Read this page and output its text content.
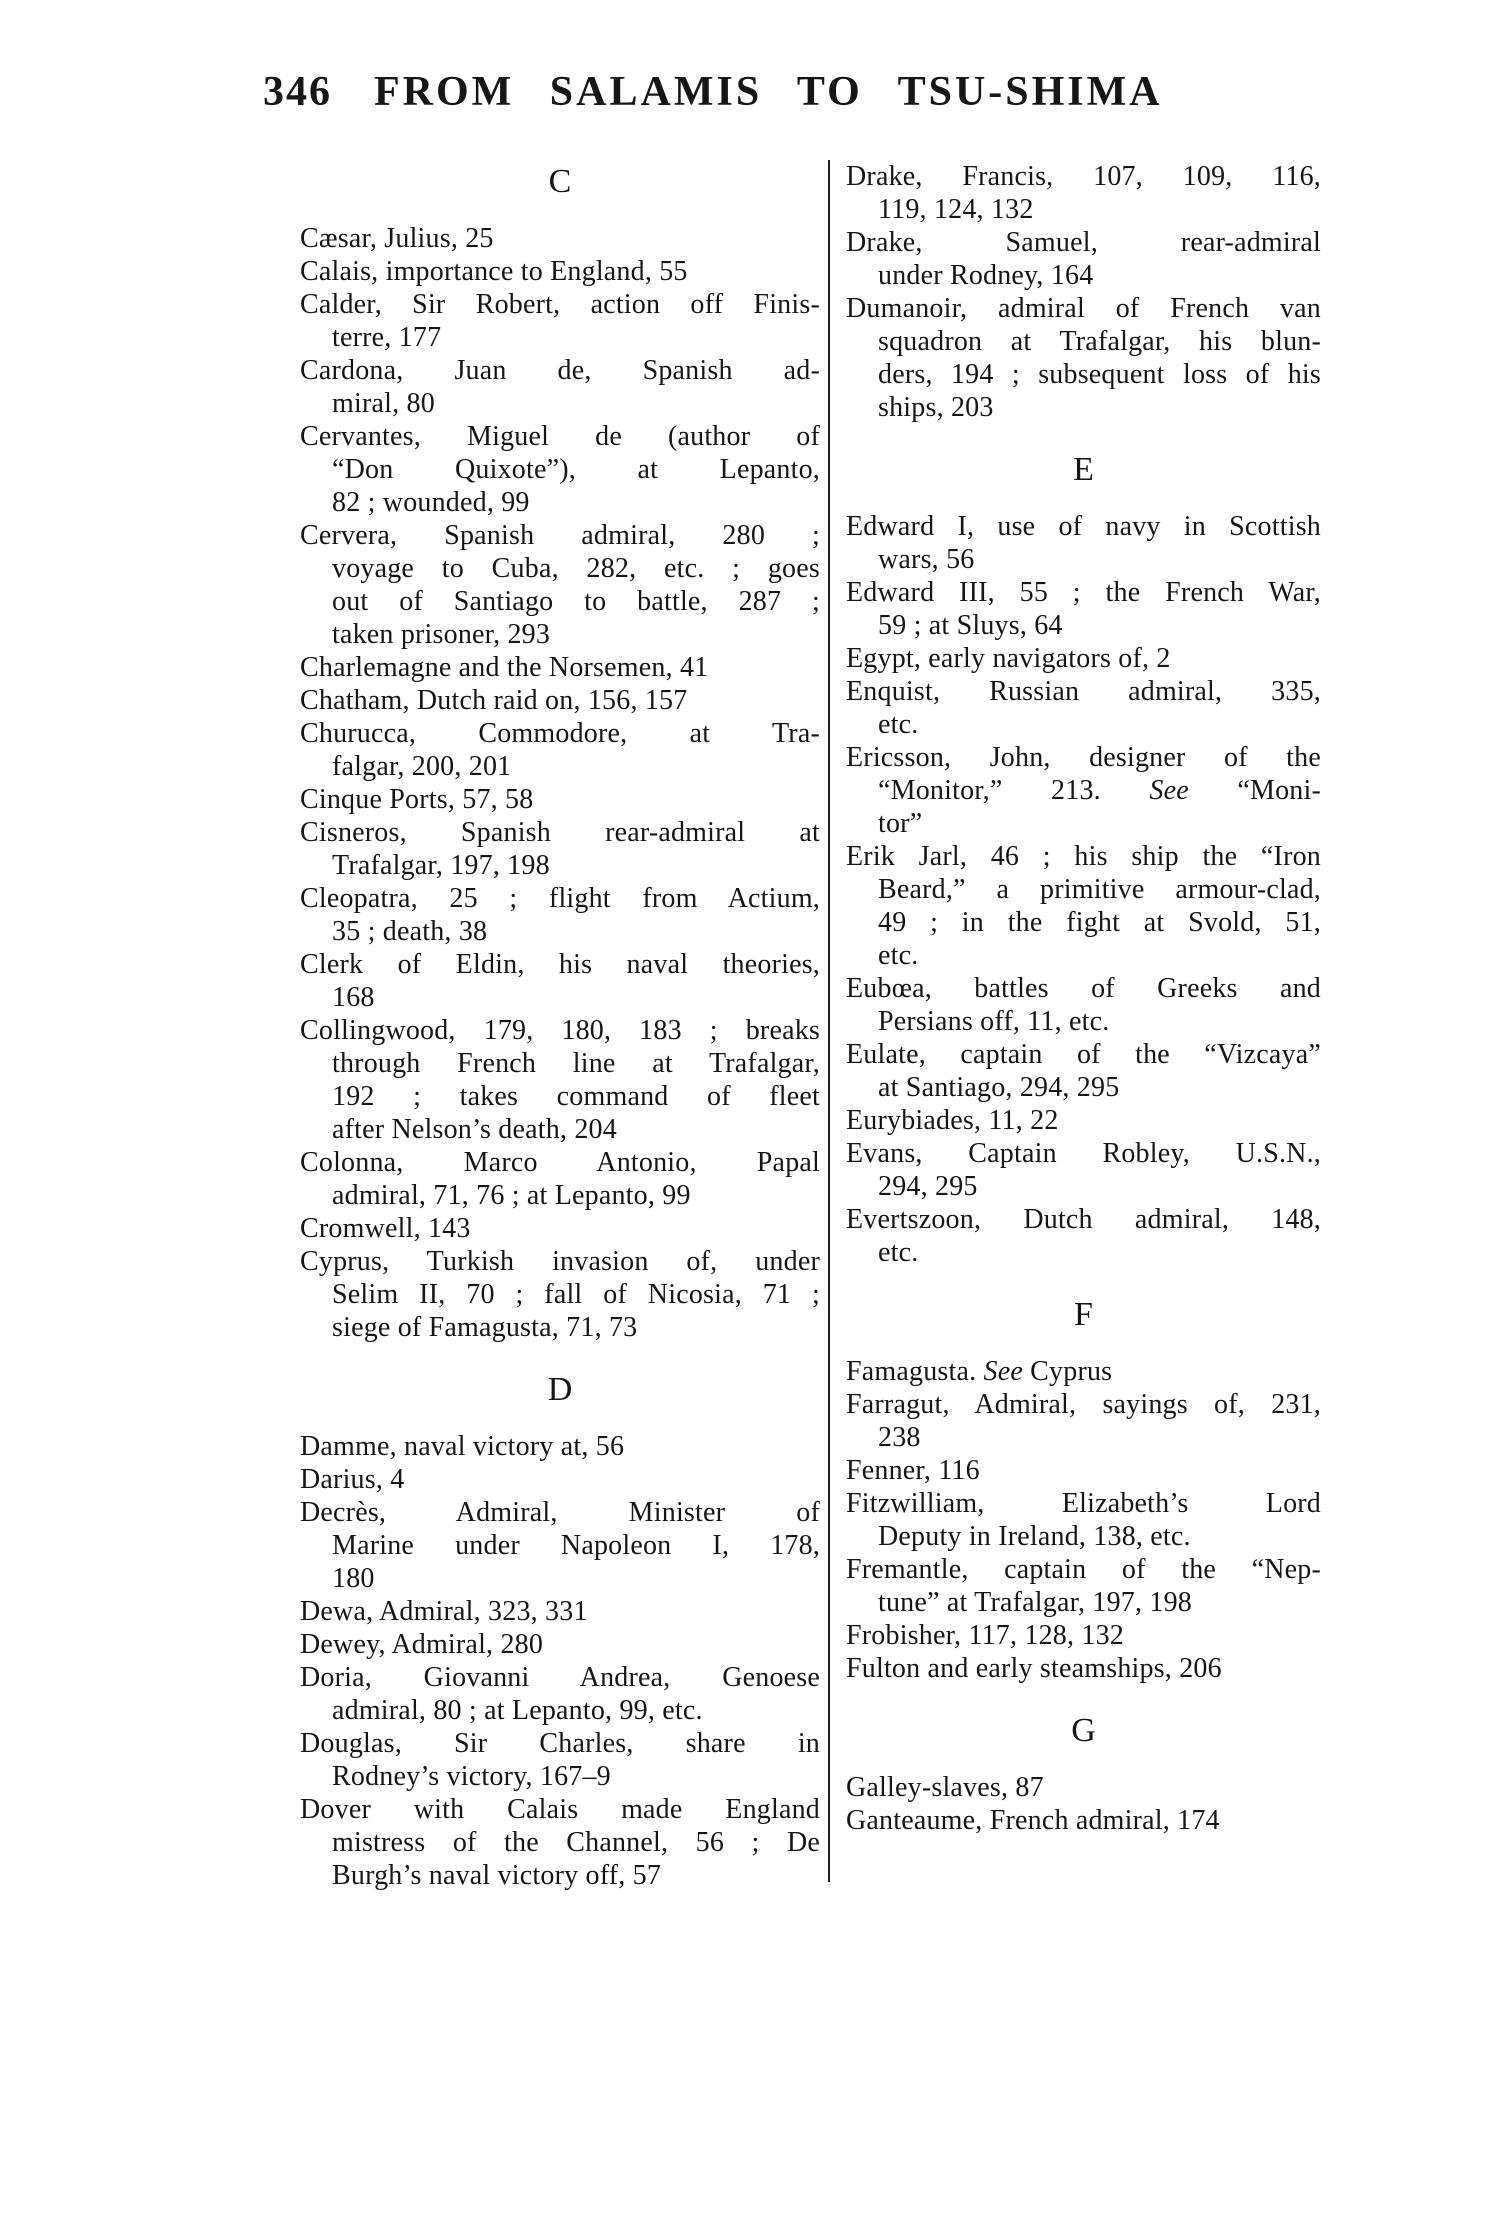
346 FROM SALAMIS TO TSU-SHIMA
C
Cæsar, Julius, 25
Calais, importance to England, 55
Calder, Sir Robert, action off Finis-
terre, 177
Cardona, Juan de, Spanish ad-
miral, 80
Cervantes, Miguel de (author of
“Don Quixote”), at Lepanto,
82 ; wounded, 99
Cervera, Spanish admiral, 280 ;
voyage to Cuba, 282, etc. ; goes
out of Santiago to battle, 287 ;
taken prisoner, 293
Charlemagne and the Norsemen, 41
Chatham, Dutch raid on, 156, 157
Churucca, Commodore, at Tra-
falgar, 200, 201
Cinque Ports, 57, 58
Cisneros, Spanish rear-admiral at
Trafalgar, 197, 198
Cleopatra, 25 ; flight from Actium,
35 ; death, 38
Clerk of Eldin, his naval theories,
168
Collingwood, 179, 180, 183 ; breaks
through French line at Trafalgar,
192 ; takes command of fleet
after Nelson’s death, 204
Colonna, Marco Antonio, Papal
admiral, 71, 76 ; at Lepanto, 99
Cromwell, 143
Cyprus, Turkish invasion of, under
Selim II, 70 ; fall of Nicosia, 71 ;
siege of Famagusta, 71, 73
D
Damme, naval victory at, 56
Darius, 4
Decrès, Admiral, Minister of
Marine under Napoleon I, 178,
180
Dewa, Admiral, 323, 331
Dewey, Admiral, 280
Doria, Giovanni Andrea, Genoese
admiral, 80 ; at Lepanto, 99, etc.
Douglas, Sir Charles, share in
Rodney’s victory, 167–9
Dover with Calais made England
mistress of the Channel, 56 ; De
Burgh’s naval victory off, 57
Drake, Francis, 107, 109, 116,
119, 124, 132
Drake, Samuel, rear-admiral
under Rodney, 164
Dumanoir, admiral of French van
squadron at Trafalgar, his blun-
ders, 194 ; subsequent loss of his
ships, 203
E
Edward I, use of navy in Scottish
wars, 56
Edward III, 55 ; the French War,
59 ; at Sluys, 64
Egypt, early navigators of, 2
Enquist, Russian admiral, 335,
etc.
Ericsson, John, designer of the
“Monitor,” 213. See “Moni-
tor”
Erik Jarl, 46 ; his ship the “Iron
Beard,” a primitive armour-clad,
49 ; in the fight at Svold, 51,
etc.
Eubœa, battles of Greeks and
Persians off, 11, etc.
Eulate, captain of the “Vizcaya”
at Santiago, 294, 295
Eurybiades, 11, 22
Evans, Captain Robley, U.S.N.,
294, 295
Evertszoon, Dutch admiral, 148,
etc.
F
Famagusta. See Cyprus
Farragut, Admiral, sayings of, 231,
238
Fenner, 116
Fitzwilliam, Elizabeth’s Lord
Deputy in Ireland, 138, etc.
Fremantle, captain of the “Nep-
tune” at Trafalgar, 197, 198
Frobisher, 117, 128, 132
Fulton and early steamships, 206
G
Galley-slaves, 87
Ganteaume, French admiral, 174
